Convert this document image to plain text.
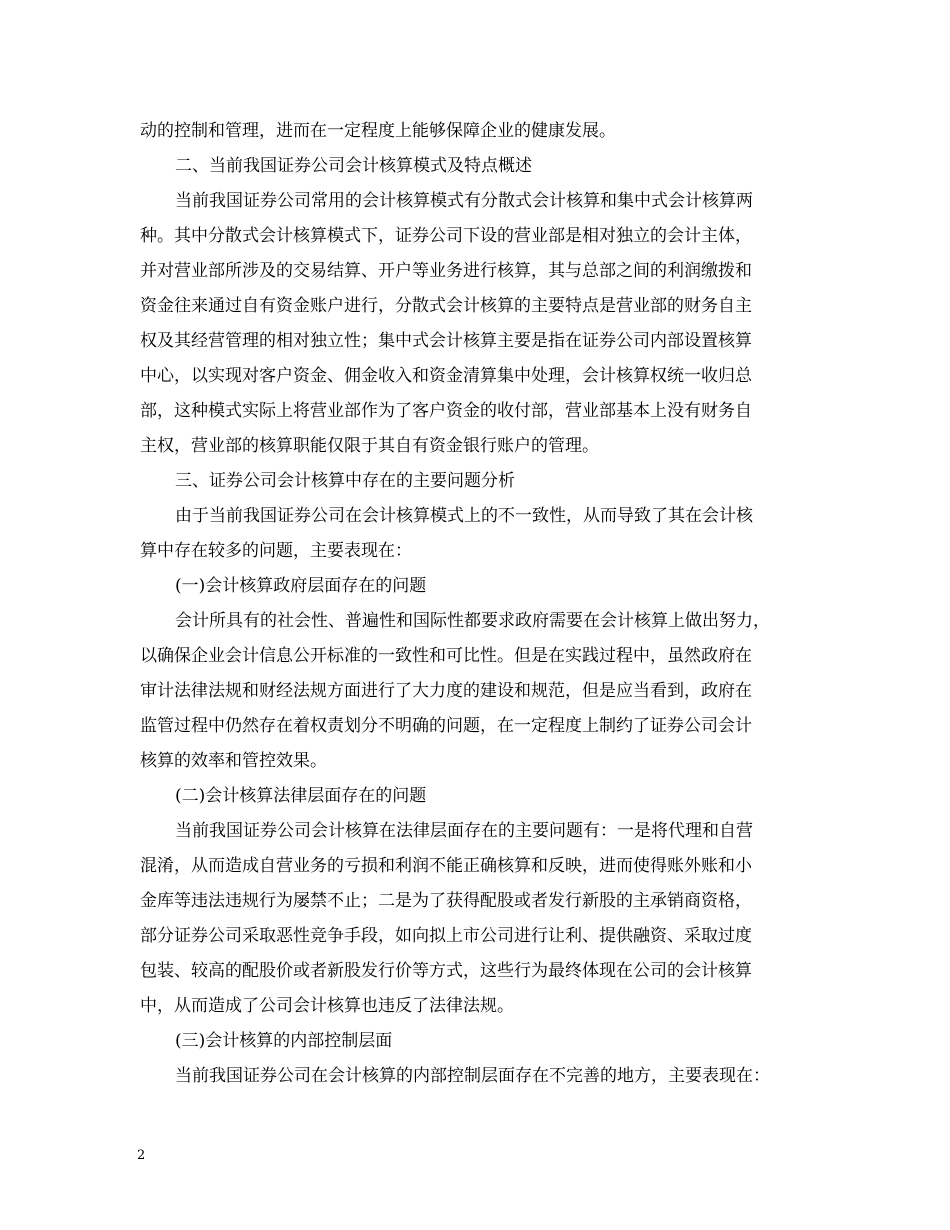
动的控制和管理，进而在一定程度上能够保障企业的健康发展。
二、当前我国证券公司会计核算模式及特点概述
当前我国证券公司常用的会计核算模式有分散式会计核算和集中式会计核算两
种。其中分散式会计核算模式下，证券公司下设的营业部是相对独立的会计主体，
并对营业部所涉及的交易结算、开户等业务进行核算，其与总部之间的利润缴拨和
资金往来通过自有资金账户进行，分散式会计核算的主要特点是营业部的财务自主
权及其经营管理的相对独立性；集中式会计核算主要是指在证券公司内部设置核算
中心，以实现对客户资金、佣金收入和资金清算集中处理，会计核算权统一收归总
部，这种模式实际上将营业部作为了客户资金的收付部，营业部基本上没有财务自
主权，营业部的核算职能仅限于其自有资金银行账户的管理。
三、证券公司会计核算中存在的主要问题分析
由于当前我国证券公司在会计核算模式上的不一致性，从而导致了其在会计核
算中存在较多的问题，主要表现在：
(一)会计核算政府层面存在的问题
会计所具有的社会性、普遍性和国际性都要求政府需要在会计核算上做出努力，
以确保企业会计信息公开标准的一致性和可比性。但是在实践过程中，虽然政府在
审计法律法规和财经法规方面进行了大力度的建设和规范，但是应当看到，政府在
监管过程中仍然存在着权责划分不明确的问题，在一定程度上制约了证券公司会计
核算的效率和管控效果。
(二)会计核算法律层面存在的问题
当前我国证券公司会计核算在法律层面存在的主要问题有：一是将代理和自营
混淆，从而造成自营业务的亏损和利润不能正确核算和反映，进而使得账外账和小
金库等违法违规行为屡禁不止；二是为了获得配股或者发行新股的主承销商资格，
部分证券公司采取恶性竞争手段，如向拟上市公司进行让利、提供融资、采取过度
包装、较高的配股价或者新股发行价等方式，这些行为最终体现在公司的会计核算
中，从而造成了公司会计核算也违反了法律法规。
(三)会计核算的内部控制层面
当前我国证券公司在会计核算的内部控制层面存在不完善的地方，主要表现在：
2
